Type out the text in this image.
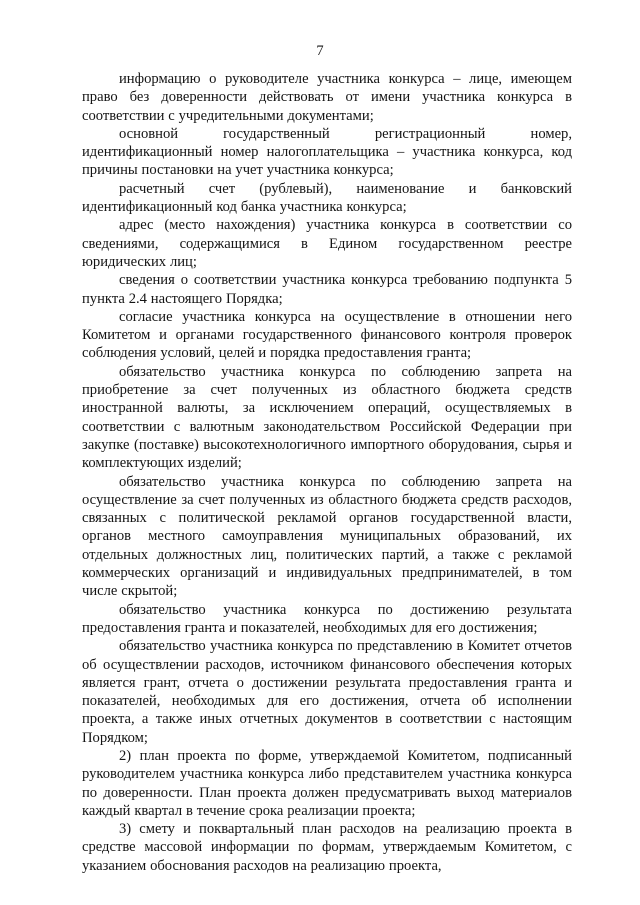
7

информацию о руководителе участника конкурса – лице, имеющем право без доверенности действовать от имени участника конкурса в соответствии с учредительными документами;

основной государственный регистрационный номер, идентификационный номер налогоплательщика – участника конкурса, код причины постановки на учет участника конкурса;

расчетный счет (рублевый), наименование и банковский идентификационный код банка участника конкурса;

адрес (место нахождения) участника конкурса в соответствии со сведениями, содержащимися в Едином государственном реестре юридических лиц;

сведения о соответствии участника конкурса требованию подпункта 5 пункта 2.4 настоящего Порядка;

согласие участника конкурса на осуществление в отношении него Комитетом и органами государственного финансового контроля проверок соблюдения условий, целей и порядка предоставления гранта;

обязательство участника конкурса по соблюдению запрета на приобретение за счет полученных из областного бюджета средств иностранной валюты, за исключением операций, осуществляемых в соответствии с валютным законодательством Российской Федерации при закупке (поставке) высокотехнологичного импортного оборудования, сырья и комплектующих изделий;

обязательство участника конкурса по соблюдению запрета на осуществление за счет полученных из областного бюджета средств расходов, связанных с политической рекламой органов государственной власти, органов местного самоуправления муниципальных образований, их отдельных должностных лиц, политических партий, а также с рекламой коммерческих организаций и индивидуальных предпринимателей, в том числе скрытой;

обязательство участника конкурса по достижению результата предоставления гранта и показателей, необходимых для его достижения;

обязательство участника конкурса по представлению в Комитет отчетов об осуществлении расходов, источником финансового обеспечения которых является грант, отчета о достижении результата предоставления гранта и показателей, необходимых для его достижения, отчета об исполнении проекта, а также иных отчетных документов в соответствии с настоящим Порядком;

2) план проекта по форме, утверждаемой Комитетом, подписанный руководителем участника конкурса либо представителем участника конкурса по доверенности. План проекта должен предусматривать выход материалов каждый квартал в течение срока реализации проекта;

3) смету и поквартальный план расходов на реализацию проекта в средстве массовой информации по формам, утверждаемым Комитетом, с указанием обоснования расходов на реализацию проекта,
